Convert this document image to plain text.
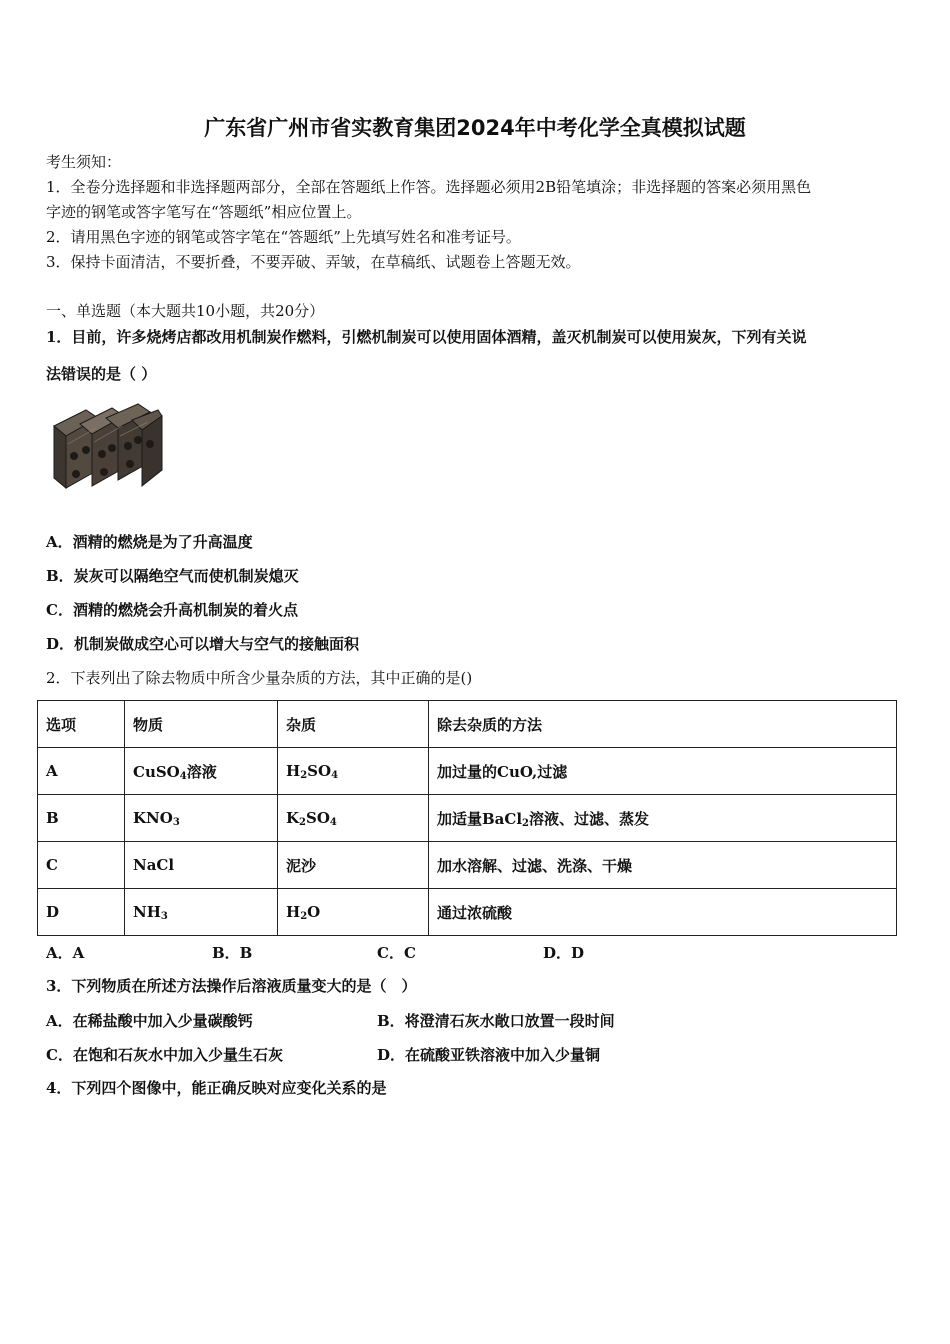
广东省广州市省实教育集团2024年中考化学全真模拟试题
考生须知：
1．全卷分选择题和非选择题两部分，全部在答题纸上作答。选择题必须用2B铅笔填涂；非选择题的答案必须用黑色
字迹的钢笔或答字笔写在“答题纸”相应位置上。
2．请用黑色字迹的钢笔或答字笔在“答题纸”上先填写姓名和准考证号。
3．保持卡面清洁，不要折叠，不要弄破、弄皱，在草稿纸、试题卷上答题无效。
一、单选题（本大题共10小题，共20分）
1．目前，许多烧烤店都改用机制炭作燃料，引燃机制炭可以使用固体酒精，盖灭机制炭可以使用炭灰，下列有关说
法错误的是（ ）
A．酒精的燃烧是为了升高温度
B．炭灰可以隔绝空气而使机制炭熄灭
C．酒精的燃烧会升高机制炭的着火点
D．机制炭做成空心可以增大与空气的接触面积
2．下表列出了除去物质中所含少量杂质的方法，其中正确的是()
选项	物质	杂质	除去杂质的方法
A	CuSO$_4$溶液	$H_2SO_4$	加过量的CuO,过滤
B	$KNO_3$	$K_2SO_4$	加适量BaCl$_2$溶液、过滤、蒸发
C	NaCl	泥沙	加水溶解、过滤、洗涤、干燥
D	$NH_3$	$H_2O$	通过浓硫酸
A．A	B．B	C．C	D．D
3．下列物质在所述方法操作后溶液质量变大的是（　）
A．在稀盐酸中加入少量碳酸钙	B．将澄清石灰水敞口放置一段时间
C．在饱和石灰水中加入少量生石灰	D．在硫酸亚铁溶液中加入少量铜
4．下列四个图像中，能正确反映对应变化关系的是
